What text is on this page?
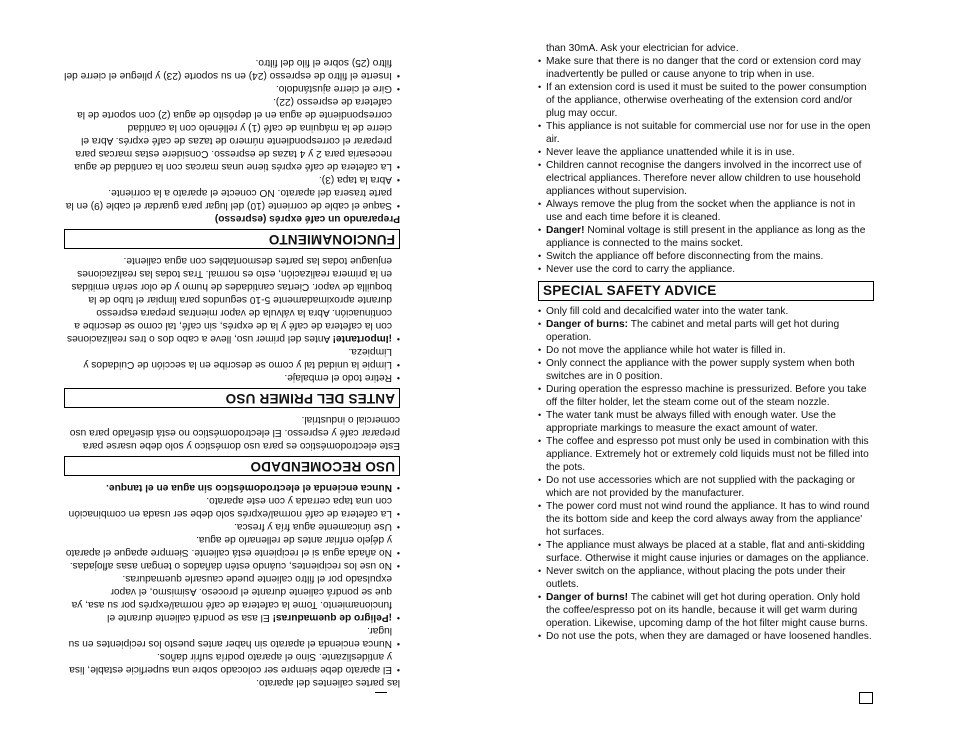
las partes calientes del aparato.

• El aparato debe siempre ser colocado sobre una superficie estable, lisa y antideslizante. Sino el aparato podría sufrir daños.

• Nunca encienda el aparato sin haber antes puesto los recipientes en su lugar.

• ¡Peligro de quemaduras! El asa se pondrá caliente durante el funcionamiento. Tome la cafetera de café normal/exprés por su asa, ya que se pondrá caliente durante el proceso. Asimismo, el vapor expulsado por el filtro caliente puede causarle quemaduras.

• No use los recipientes, cuándo estén dañados o tengan asas aflojadas.

• No añada agua si el recipiente está caliente. Siempre apague el aparato y déjelo enfriar antes de rellenarlo de agua.

• Use únicamente agua fría y fresca.

• La cafetera de café normal/exprés solo debe ser usada en combinación con una tapa cerrada y con este aparato.

• Nunca encienda el electrodoméstico sin agua en el tanque.

USO RECOMENDADO

Este electrodoméstico es para uso doméstico y solo debe usarse para preparar café y espresso. El electrodoméstico no está diseñado para uso comercial o industrial.

ANTES DEL PRIMER USO

• Retire todo el embalaje.

• Limpie la unidad tal y como se describe en la sección de Cuidados y Limpieza.

• ¡Importante! Antes del primer uso, lleve a cabo dos o tres realizaciones con la cafetera de café y la de exprés, sin café, tal como se describe a continuación. Abra la válvula de vapor mientras prepara espresso durante aproximadamente 5-10 segundos para limpiar el tubo de la boquilla de vapor. Ciertas cantidades de humo y de olor serán emitidas en la primera realización, esto es normal. Tras todas las realizaciones enjuague todas las partes desmontables con agua caliente.

FUNCIONAMIENTO

Preparando un café exprés (espresso)

• Saque el cable de corriente (10) del lugar para guardar el cable (9) en la parte trasera del aparato. NO conecte el aparato a la corriente.

• Abra la tapa (3).

• La cafetera de café exprés tiene unas marcas con la cantidad de agua necesaria para 2 y 4 tazas de espresso. Considere estas marcas para preparar el correspondiente número de tazas de café exprés. Abra el cierre de la máquina de café (1) y rellénelo con la cantidad correspondiente de agua en el depósito de agua (2) con soporte de la cafetera de espresso (22).

• Gire el cierre ajustándolo.

• Inserte el filtro de espresso (24) en su soporte (23) y pliegue el cierre del filtro (25) sobre el filo del filtro.

than 30mA. Ask your electrician for advice.

• Make sure that there is no danger that the cord or extension cord may inadvertently be pulled or cause anyone to trip when in use.

• If an extension cord is used it must be suited to the power consumption of the appliance, otherwise overheating of the extension cord and/or plug may occur.

• This appliance is not suitable for commercial use nor for use in the open air.

• Never leave the appliance unattended while it is in use.

• Children cannot recognise the dangers involved in the incorrect use of electrical appliances. Therefore never allow children to use household appliances without supervision.

• Always remove the plug from the socket when the appliance is not in use and each time before it is cleaned.

• Danger! Nominal voltage is still present in the appliance as long as the appliance is connected to the mains socket.

• Switch the appliance off before disconnecting from the mains.

• Never use the cord to carry the appliance.

SPECIAL SAFETY ADVICE

• Only fill cold and decalcified water into the water tank.

• Danger of burns: The cabinet and metal parts will get hot during operation.

• Do not move the appliance while hot water is filled in.

• Only connect the appliance with the power supply system when both switches are in 0 position.

• During operation the espresso machine is pressurized. Before you take off the filter holder, let the steam come out of the steam nozzle.

• The water tank must be always filled with enough water. Use the appropriate markings to measure the exact amount of water.

• The coffee and espresso pot must only be used in combination with this appliance. Extremely hot or extremely cold liquids must not be filled into the pots.

• Do not use accessories which are not supplied with the packaging or which are not provided by the manufacturer.

• The power cord must not wind round the appliance. It has to wind round the its bottom side and keep the cord always away from the appliance' hot surfaces.

• The appliance must always be placed at a stable, flat and anti-skidding surface. Otherwise it might cause injuries or damages on the appliance.

• Never switch on the appliance, without placing the pots under their outlets.

• Danger of burns! The cabinet will get hot during operation. Only hold the coffee/espresso pot on its handle, because it will get warm during operation. Likewise, upcoming damp of the hot filter might cause burns.

• Do not use the pots, when they are damaged or have loosened handles.
